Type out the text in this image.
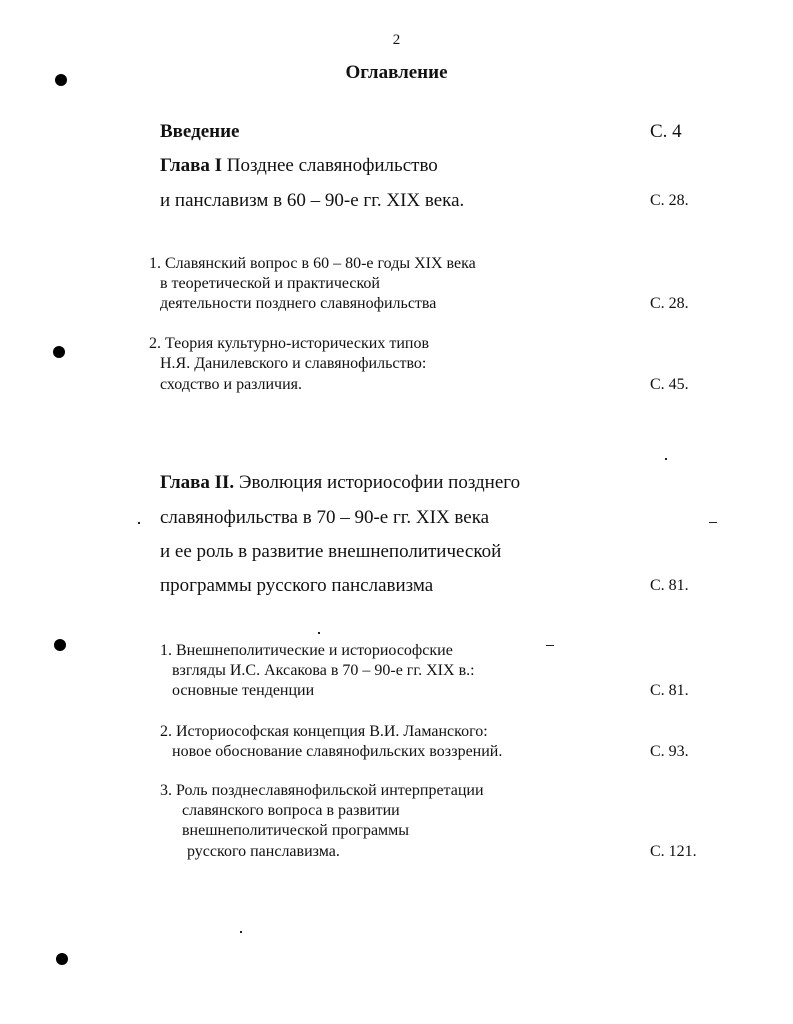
2
Оглавление
Введение	С. 4
Глава I Позднее славянофильство
и панславизм в 60 – 90-е гг. XIX века.	С. 28.
1. Славянский вопрос в 60 – 80-е годы XIX века
в теоретической и практической
деятельности позднего славянофильства	С. 28.
2. Теория культурно-исторических типов
Н.Я. Данилевского и славянофильство:
сходство и различия.	С. 45.
Глава II. Эволюция историософии позднего
славянофильства в 70 – 90-е гг. XIX века
и ее роль в развитие внешнеполитической
программы русского панславизма	С. 81.
1. Внешнеполитические и историософские
взгляды И.С. Аксакова в 70 – 90-е гг. XIX в.:
основные тенденции	С. 81.
2. Историософская концепция В.И. Ламанского:
новое обоснование славянофильских воззрений.	С. 93.
3. Роль позднеславянофильской интерпретации
славянского вопроса в развитии
внешнеполитической программы
русского панславизма.	С. 121.
